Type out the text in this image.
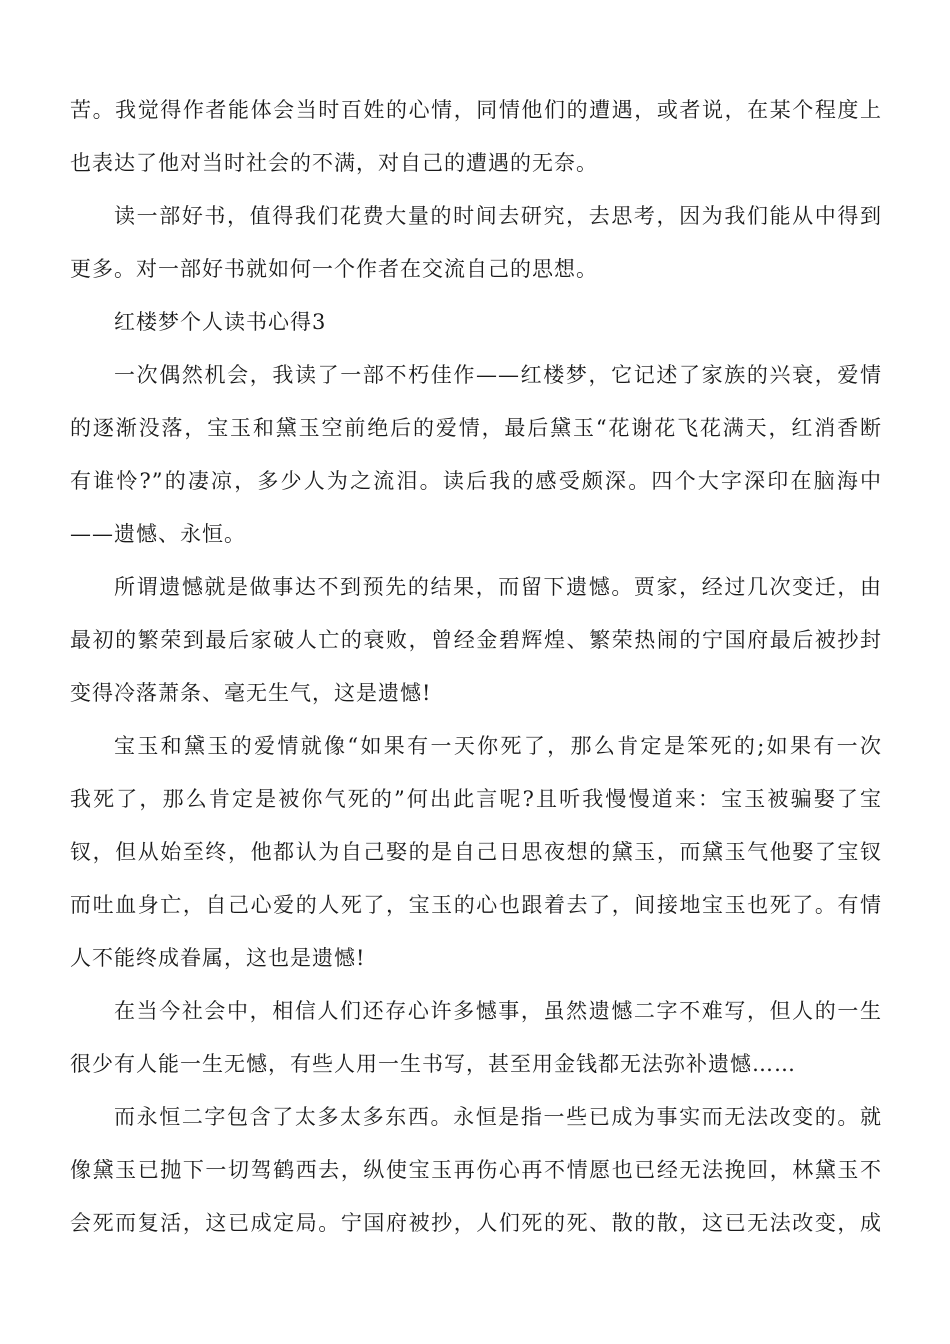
苦。我觉得作者能体会当时百姓的心情，同情他们的遭遇，或者说，在某个程度上
也表达了他对当时社会的不满，对自己的遭遇的无奈。
读一部好书，值得我们花费大量的时间去研究，去思考，因为我们能从中得到
更多。对一部好书就如何一个作者在交流自己的思想。
红楼梦个人读书心得3
一次偶然机会，我读了一部不朽佳作——红楼梦，它记述了家族的兴衰，爱情
的逐渐没落，宝玉和黛玉空前绝后的爱情，最后黛玉“花谢花飞花满天，红消香断
有谁怜?”的凄凉，多少人为之流泪。读后我的感受颇深。四个大字深印在脑海中
——遗憾、永恒。
所谓遗憾就是做事达不到预先的结果，而留下遗憾。贾家，经过几次变迁，由
最初的繁荣到最后家破人亡的衰败，曾经金碧辉煌、繁荣热闹的宁国府最后被抄封
变得冷落萧条、毫无生气，这是遗憾!
宝玉和黛玉的爱情就像“如果有一天你死了，那么肯定是笨死的;如果有一次
我死了，那么肯定是被你气死的”何出此言呢?且听我慢慢道来：宝玉被骗娶了宝
钗，但从始至终，他都认为自己娶的是自己日思夜想的黛玉，而黛玉气他娶了宝钗
而吐血身亡，自己心爱的人死了，宝玉的心也跟着去了，间接地宝玉也死了。有情
人不能终成眷属，这也是遗憾!
在当今社会中，相信人们还存心许多憾事，虽然遗憾二字不难写，但人的一生
很少有人能一生无憾，有些人用一生书写，甚至用金钱都无法弥补遗憾……
而永恒二字包含了太多太多东西。永恒是指一些已成为事实而无法改变的。就
像黛玉已抛下一切驾鹤西去，纵使宝玉再伤心再不情愿也已经无法挽回，林黛玉不
会死而复活，这已成定局。宁国府被抄，人们死的死、散的散，这已无法改变，成
